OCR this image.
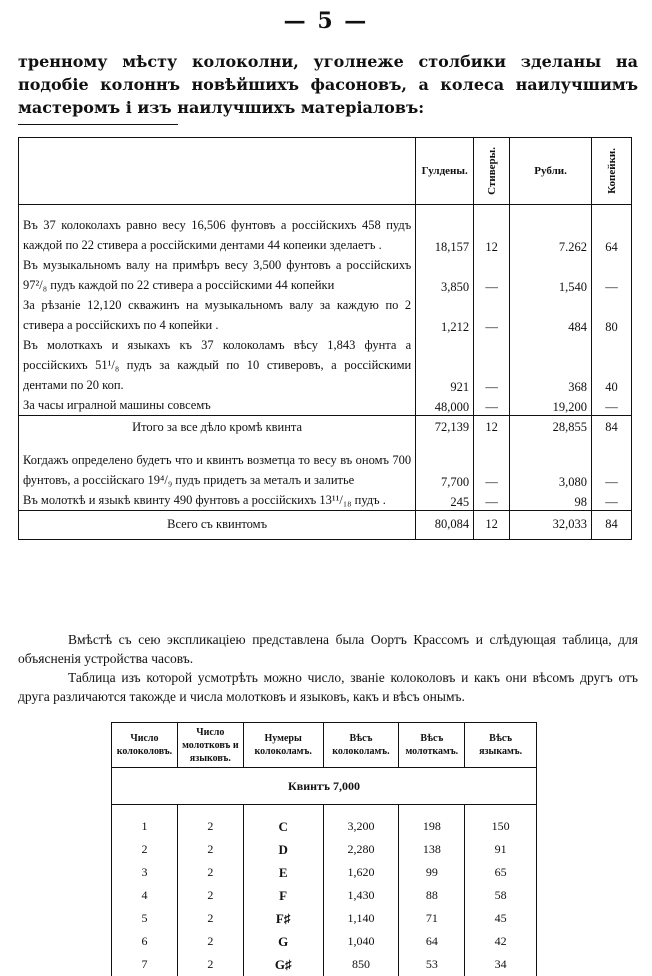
— 5 —
тренному мѣсту колоколни, уголнеже столбики зделаны на подобіе колоннъ новѣйшихъ фасоновъ, а колеса наилучшимъ мастеромъ і изъ наилучшихъ матеріаловъ:
	Гулдены.	Стиверы.	Рубли.	Копейки.

Въ 37 колоколахъ равно весу 16,506 фунтовъ а россійскихъ 458 пудъ каждой по 22 стивера а россійскими дентами 44 копеики зделаетъ .	18,157	12	7.262	64
Въ музыкальномъ валу на примѣръ весу 3,500 фунтовъ а россійскихъ 97²/₈ пудъ каждой по 22 стивера а россійскими 44 копейки	3,850	—	1,540	—
За рѣзаніе 12,120 скважинъ на музыкальномъ валу за каждую по 2 стивера а россійскихъ по 4 копейки .	1,212	—	484	80
Въ молоткахъ и языкахъ къ 37 колоколамъ вѣсу 1,843 фунта а россійскихъ 51¹/₈ пудъ за каждый по 10 стиверовъ, а россійскими дентами по 20 коп.	921	—	368	40
За часы игралной машины совсемъ	48,000	—	19,200	—
Итого за все дѣло кромѣ квинта	72,139	12	28,855	84

Когдажъ определено будетъ что и квинтъ возметца то весу въ ономъ 700 фунтовъ, а россійскаго 19⁴/₉ пудъ придетъ за металъ и залитье	7,700	—	3,080	—
Въ молоткѣ и языкѣ квинту 490 фунтовъ а россійскихъ 13¹¹/₁₈ пудъ .	245	—	98	—
Всего съ квинтомъ	80,084	12	32,033	84

Вмѣстѣ съ сею экспликацiею представлена была Оортъ Крассомъ и слѣдующая таблица, для объясненія устройства часовъ.

Таблица изъ которой усмотрѣть можно число, званіе колоколовъ и какъ они вѣсомъ другъ отъ друга различаются такожде и числа молотковъ и языковъ, какъ и вѣсъ онымъ.

Число колоколовъ.	Число молотковъ и языковъ.	Нумеры колоколамъ.	Вѣсъ колоколамъ.	Вѣсъ молоткамъ.	Вѣсъ языкамъ.
Квинтъ 7,000					

1	2	C	3,200	198	150
2	2	D	2,280	138	91
3	2	E	1,620	99	65
4	2	F	1,430	88	58
5	2	F♯	1,140	71	45
6	2	G	1,040	64	42
7	2	G♯	850	53	34
